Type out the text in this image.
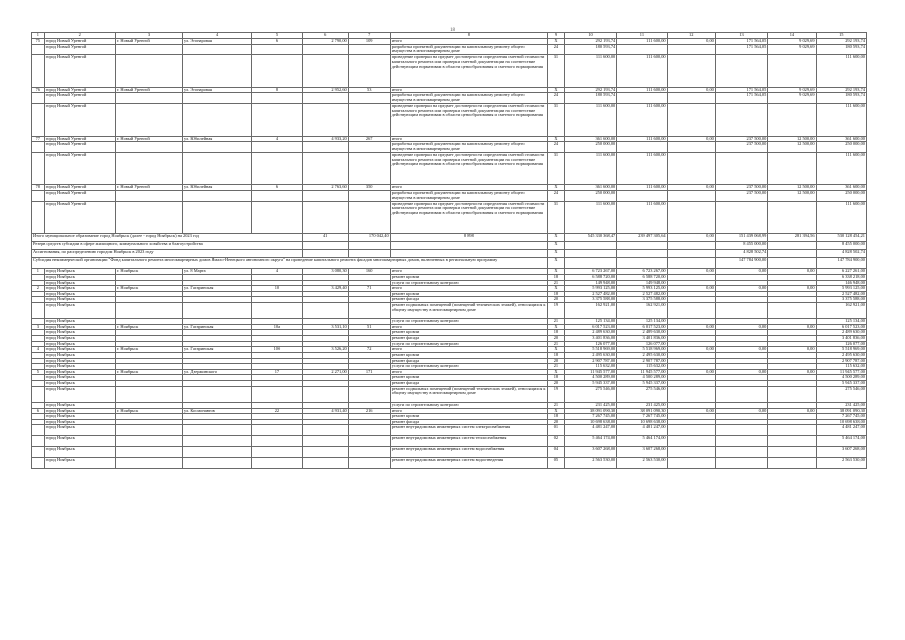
18
1	2	3	4	5	6	7	8	9	10	11	12	13	14	15
75	город Новый Уренгой	г. Новый Уренгой	ул. Эгонаровая	6	2 790,00	109	итого	X	292 193,74	111 600,00	0,00	171 564,05	9 029,69	292 193,74
	город Новый Уренгой						разработка проектной документации на капитальному ремонту общего имущества в многоквартирном доме	24	180 593,74			171 564,05	9 029,69	180 593,74
	город Новый Уренгой						проведение проверки на предмет достоверности определения сметной стоимости капитального ремонта или проверки сметной документации на соответствие действующим нормативам в области ценообразования и сметного нормирования	31	111 600,00	111 600,00				111 600,00
76	город Новый Уренгой	г. Новый Уренгой	ул. Эгонаровая	8	2 952,60	53	итого	X	292 193,74	111 600,00	0,00	171 564,05	9 029,69	292 193,74
	город Новый Уренгой						разработка проектной документации на капитальному ремонту общего имущества в многоквартирном доме	24	180 593,74			171 564,05	9 029,69	180 593,74
	город Новый Уренгой						проведение проверки на предмет достоверности определения сметной стоимости капитального ремонта или проверки сметной документации на соответствие действующим нормативам в области ценообразования и сметного нормирования	31	111 600,00	111 600,00				111 600,00
77	город Новый Уренгой	г. Новый Уренгой	ул. Юбилейная	4	4 933,20	267	итого	X	361 600,00	111 600,00	0,00	237 500,00	12 500,00	361 600,00
	город Новый Уренгой						разработка проектной документации на капитальному ремонту общего имущества в многоквартирном доме	24	250 000,00			237 500,00	12 500,00	250 000,00
	город Новый Уренгой						проведение проверки на предмет достоверности определения сметной стоимости капитального ремонта или проверки сметной документации на соответствие действующим нормативам в области ценообразования и сметного нормирования	31	111 600,00	111 600,00				111 600,00
78	город Новый Уренгой	г. Новый Уренгой	ул. Юбилейная	6	2 763,60	350	итого	X	361 600,00	111 600,00	0,00	237 500,00	12 500,00	361 600,00
	город Новый Уренгой						разработка проектной документации на капитальному ремонту общего имущества в многоквартирном доме	24	250 000,00			237 500,00	12 500,00	250 000,00
	город Новый Уренгой						проведение проверки на предмет достоверности определения сметной стоимости капитального ремонта или проверки сметной документации на соответствие действующим нормативам в области ценообразования и сметного нормирования	31	111 600,00	111 600,00				111 600,00
Итого муниципальное образование город Ноябрьск (далее - город Ноябрьск) на 2023 год					41	170 042,40	8 898	X	545 330 368,47	239 497 305,64	0,00	151 439 068,99	281 394,56	530 128 454,21
Резерв средств субсидии в сфере жилищного, коммунального хозяйства и благоустройства								X				8 455 000,00		8 455 000,00
Ассигнования, по распределению городом Ноябрьск в 2023 году								X				4 828 502,74		4 828 502,74
Субсидия некоммерческой организации "Фонд капитального ремонта многоквартирных домов Ямало-Ненецкого автономного округа" на проведение капитального ремонта фасадов многоквартирных домов, включенных в региональную программу								X				147 784 900,00		147 784 900,00
1	город Ноябрьск	г. Ноябрьск	ул. 8 Марта	4	3 080,30	160	итого	X	6 723 267,00	6 723 267,00	0,00	0,00	0,00	6 227 261,00
	город Ноябрьск						ремонт кровли	18	6 588 720,00	6 588 720,00				6 338 218,00
	город Ноябрьск						услуги по строительному контролю	21	149 948,00	149 948,00				146 948,00
2	город Ноябрьск	г. Ноябрьск	ул. Гагаринская	10	3 429,40	71	итого	X	5 993 125,00	5 993 125,00	0,00	0,00	0,00	5 993 125,00
	город Ноябрьск						ремонт кровли	18	2 527 482,00	2 527 482,00				2 527 482,00
	город Ноябрьск						ремонт фасада	20	3 375 588,00	3 375 588,00				3 375 588,00
	город Ноябрьск						ремонт подвальных помещений (помещений технических этажей), относящихся к общему имуществу в многоквартирном доме	19	162 921,00	162 921,00				162 921,00
	город Ноябрьск						услуги по строительному контролю	21	125 134,00	125 134,00				125 134,00
3	город Ноябрьск	г. Ноябрьск	ул. Гагаринская	10а	3 531,10	51	итого	X	6 017 523,00	6 017 523,00	0,00	0,00	0,00	6 017 523,00
	город Ноябрьск						ремонт кровли	18	2 489 630,00	2 489 630,00				2 489 630,00
	город Ноябрьск						ремонт фасада	20	3 401 836,00	3 401 836,00				3 401 836,00
	город Ноябрьск						услуги по строительному контролю	21	126 077,00	126 077,00				126 077,00
4	город Ноябрьск	г. Ноябрьск	ул. Гагаринская	10б	3 526,20	72	итого	X	5 518 969,00	5 518 969,00	0,00	0,00	0,00	5 518 969,00
	город Ноябрьск						ремонт кровли	18	2 495 630,00	2 495 630,00				2 495 630,00
	город Ноябрьск						ремонт фасада	20	2 907 787,00	2 907 787,00				2 907 787,00
	город Ноябрьск						услуги по строительному контролю	21	115 632,00	115 632,00				115 632,00
5	город Ноябрьск	г. Ноябрьск	ул. Дзержинского	17	2 271,00	171	итого	X	11 945 577,00	11 945 577,00	0,00	0,00	0,00	11 945 577,00
	город Ноябрьск						ремонт кровли	18	4 500 289,00	4 500 289,00				4 500 289,00
	город Ноябрьск						ремонт фасада	20	5 945 337,00	5 945 337,00				5 945 337,00
	город Ноябрьск						ремонт подвальных помещений (помещений технических этажей), относящихся к общему имуществу в многоквартирном доме	19	275 546,00	275 546,00				275 546,00
	город Ноябрьск						услуги по строительному контролю	21	231 425,00	231 425,00				231 425,00
6	город Ноябрьск	г. Ноябрьск	ул. Космонавтов	22	4 931,40	216	итого	X	38 091 090,30	38 091 090,30	0,00	0,00	0,00	38 091 090,30
	город Ноябрьск						ремонт кровли	18	7 267 745,00	7 267 745,00				7 267 745,00
	город Ноябрьск						ремонт фасада	20	10 698 638,00	10 698 638,00				10 698 638,00
	город Ноябрьск						ремонт внутридомовых инженерных систем электроснабжения	01	4 481 247,00	4 481 247,00				4 481 247,00
	город Ноябрьск						ремонт внутридомовых инженерных систем теплоснабжения	02	5 464 174,00	5 464 174,00				5 464 174,00
	город Ноябрьск						ремонт внутридомовых инженерных систем водоснабжения	04	3 607 268,00	3 607 268,00				3 607 268,00
	город Ноябрьск						ремонт внутридомовых инженерных систем водоотведения	05	2 563 530,00	2 563 530,00				2 563 530,00
